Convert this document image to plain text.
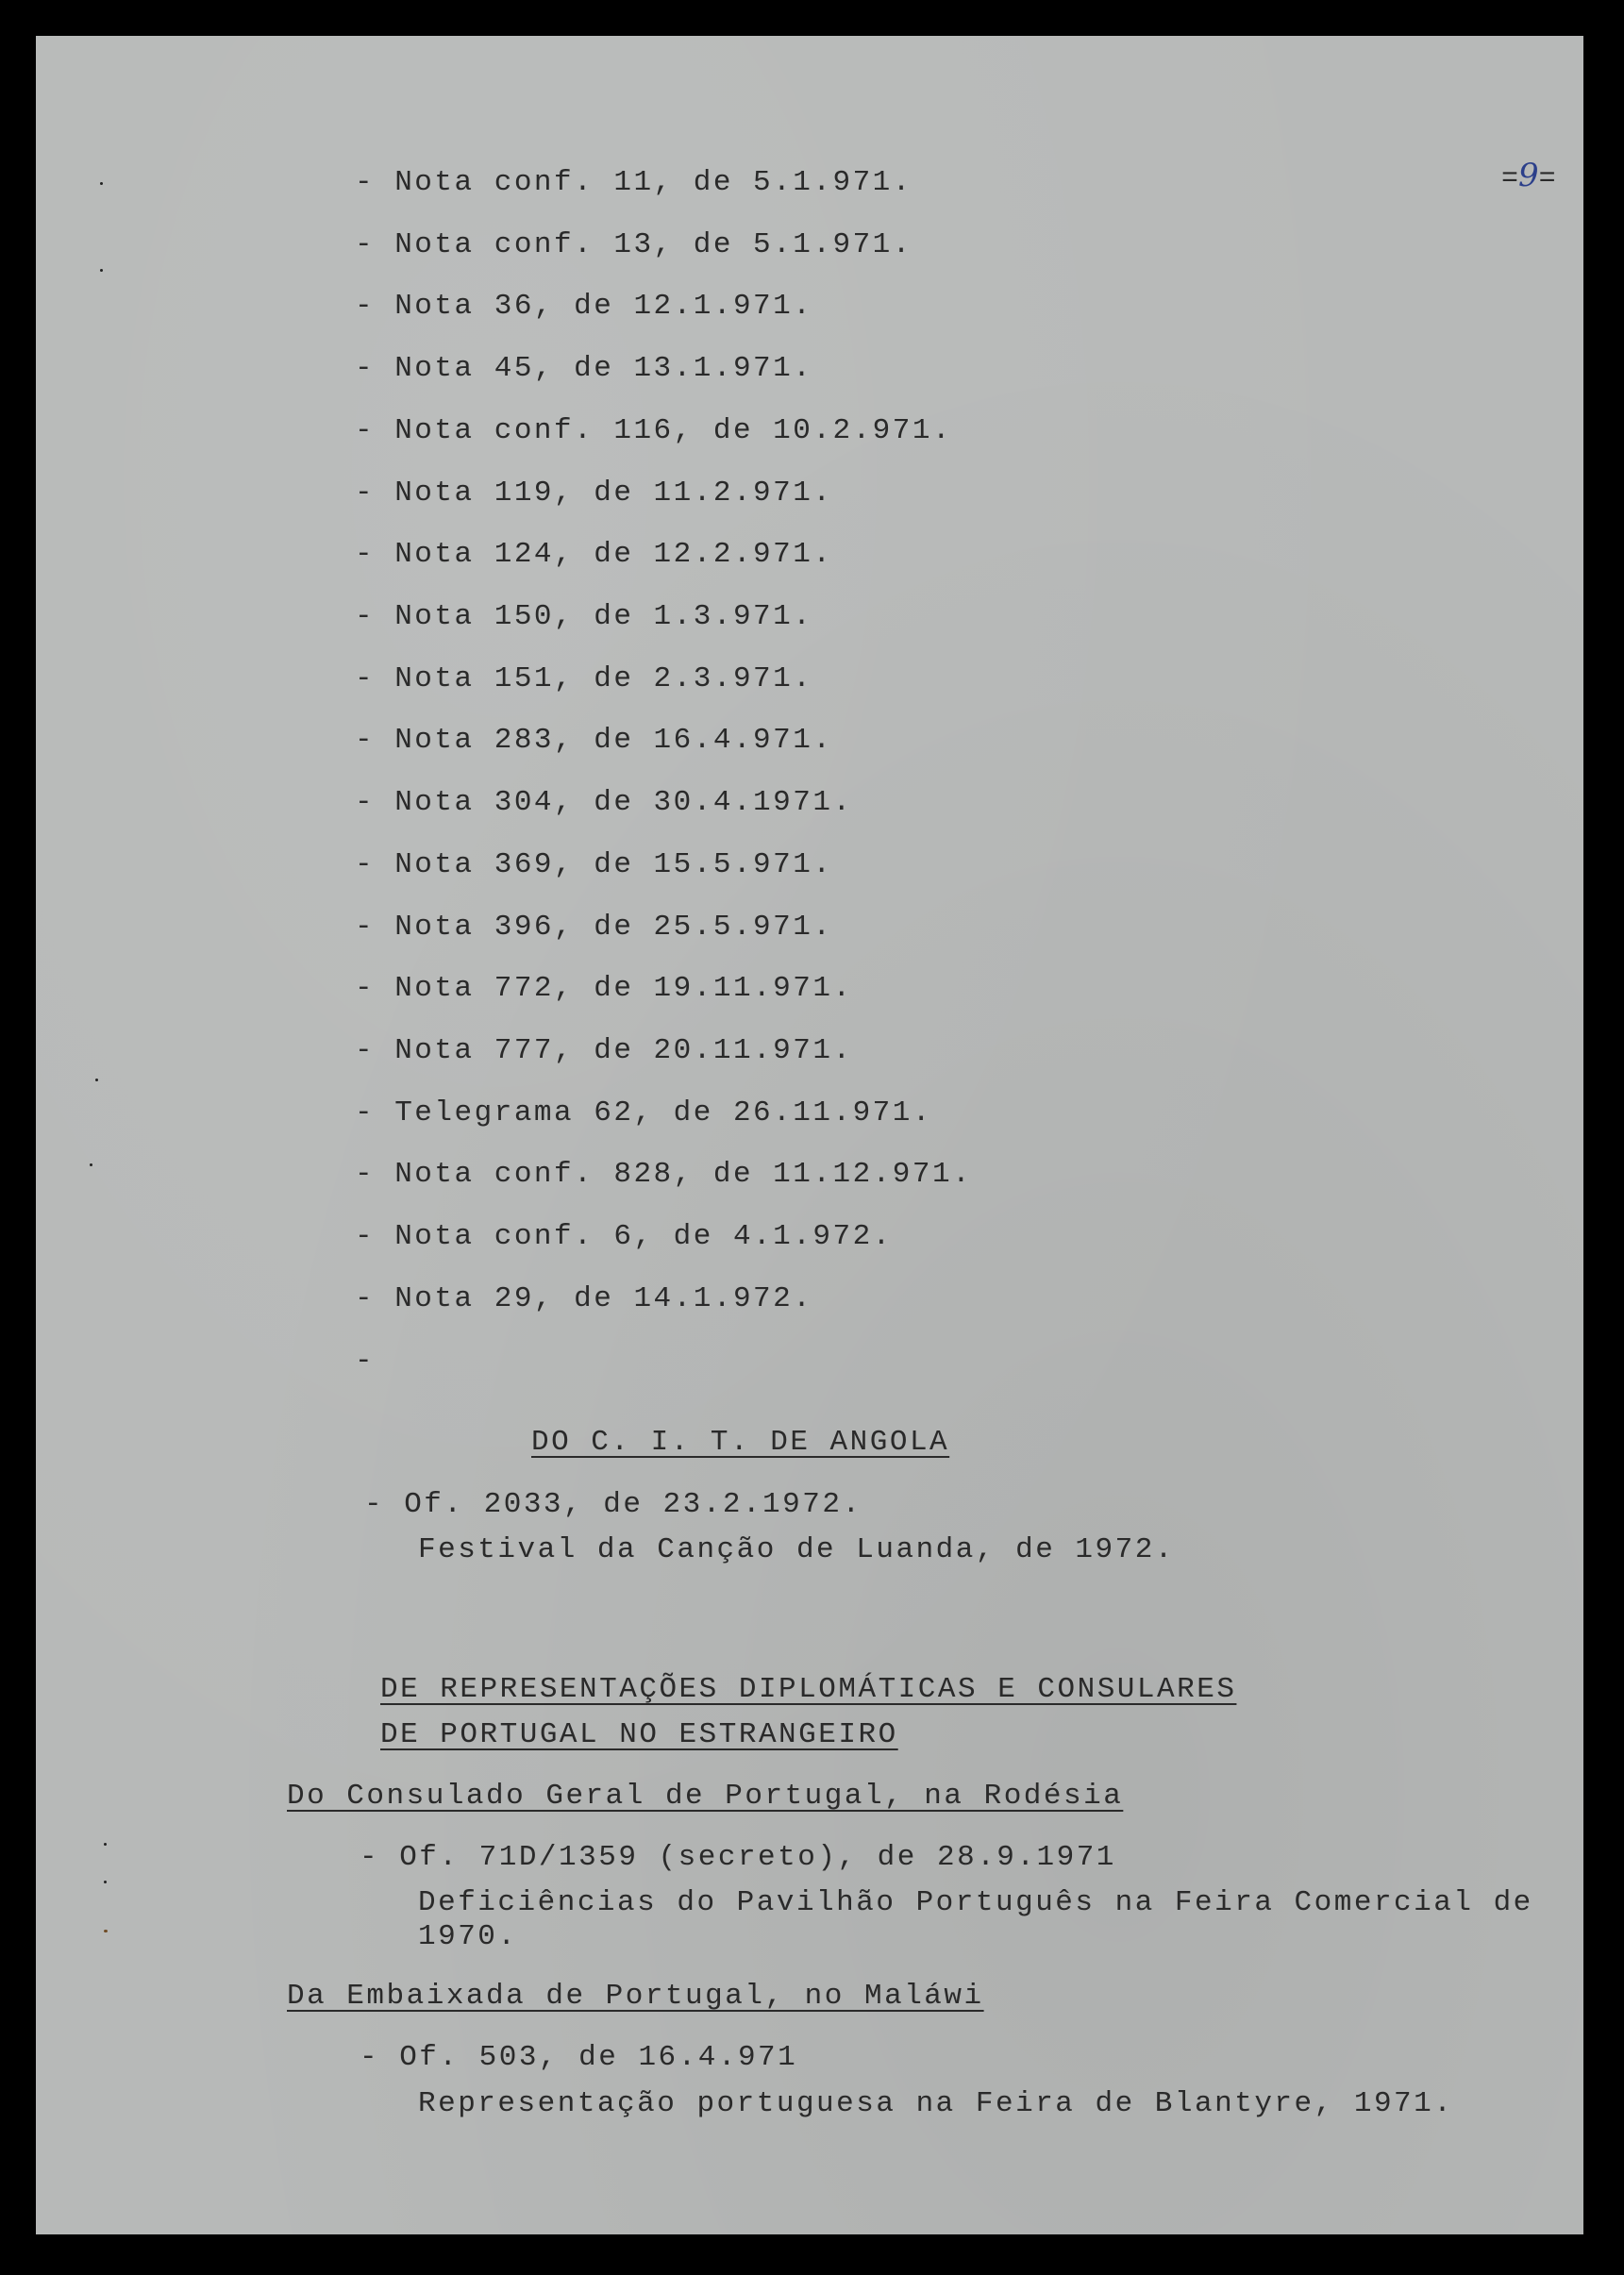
=9=
- Nota conf. 11, de 5.1.971.
- Nota conf. 13, de 5.1.971.
- Nota 36, de 12.1.971.
- Nota 45, de 13.1.971.
- Nota conf. 116, de 10.2.971.
- Nota 119, de 11.2.971.
- Nota 124, de 12.2.971.
- Nota 150, de 1.3.971.
- Nota 151, de 2.3.971.
- Nota 283, de 16.4.971.
- Nota 304, de 30.4.1971.
- Nota 369, de 15.5.971.
- Nota 396, de 25.5.971.
- Nota 772, de 19.11.971.
- Nota 777, de 20.11.971.
- Telegrama 62, de 26.11.971.
- Nota conf. 828, de 11.12.971.
- Nota conf. 6, de 4.1.972.
- Nota 29, de 14.1.972.
-
DO C. I. T. DE ANGOLA
- Of. 2033, de 23.2.1972.
Festival da Canção de Luanda, de 1972.
DE REPRESENTAÇÕES DIPLOMÁTICAS E CONSULARES
DE PORTUGAL NO ESTRANGEIRO
Do Consulado Geral de Portugal, na Rodésia
- Of. 71D/1359 (secreto), de 28.9.1971
Deficiências do Pavilhão Português na Feira Comercial de
1970.
Da Embaixada de Portugal, no Maláwi
- Of. 503, de 16.4.971
Representação portuguesa na Feira de Blantyre, 1971.
